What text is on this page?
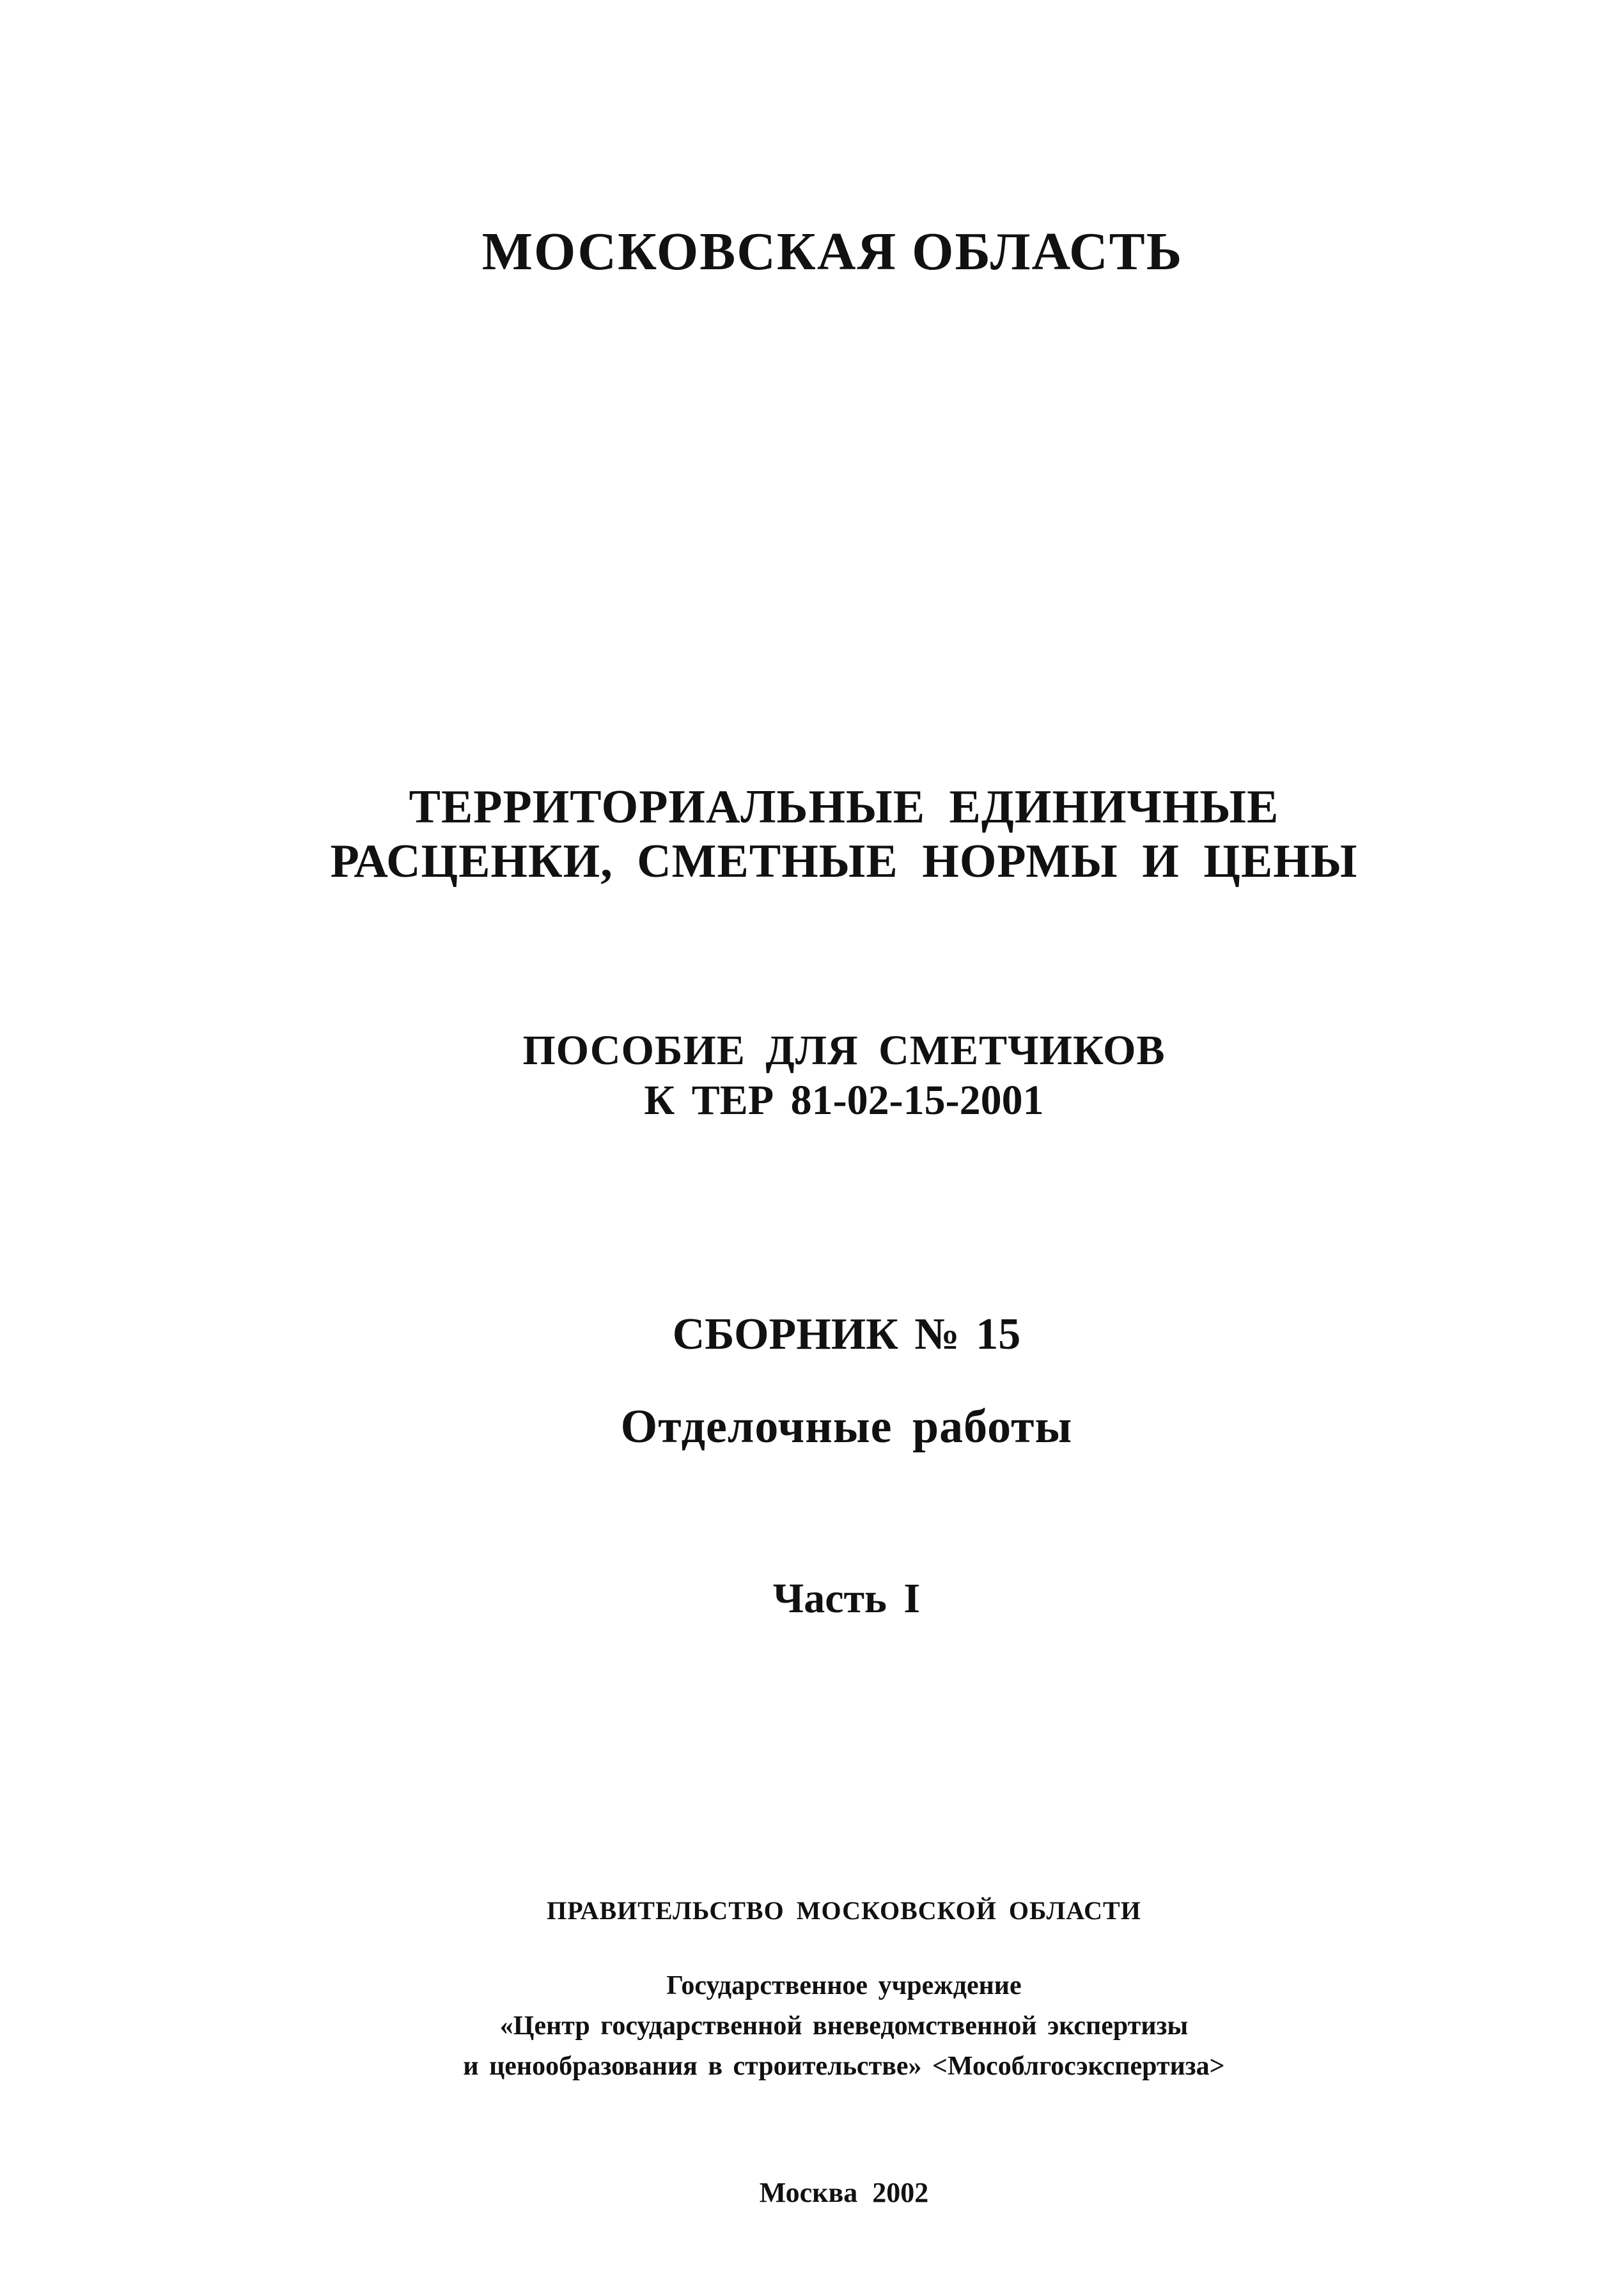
МОСКОВСКАЯ ОБЛАСТЬ
ТЕРРИТОРИАЛЬНЫЕ ЕДИНИЧНЫЕ
РАСЦЕНКИ, СМЕТНЫЕ НОРМЫ И ЦЕНЫ
ПОСОБИЕ ДЛЯ СМЕТЧИКОВ
К ТЕР 81-02-15-2001
СБОРНИК № 15
Отделочные работы
Часть I
ПРАВИТЕЛЬСТВО МОСКОВСКОЙ ОБЛАСТИ
Государственное учреждение
«Центр государственной вневедомственной экспертизы
и ценообразования в строительстве» <Мособлгосэкспертиза>
Москва 2002
